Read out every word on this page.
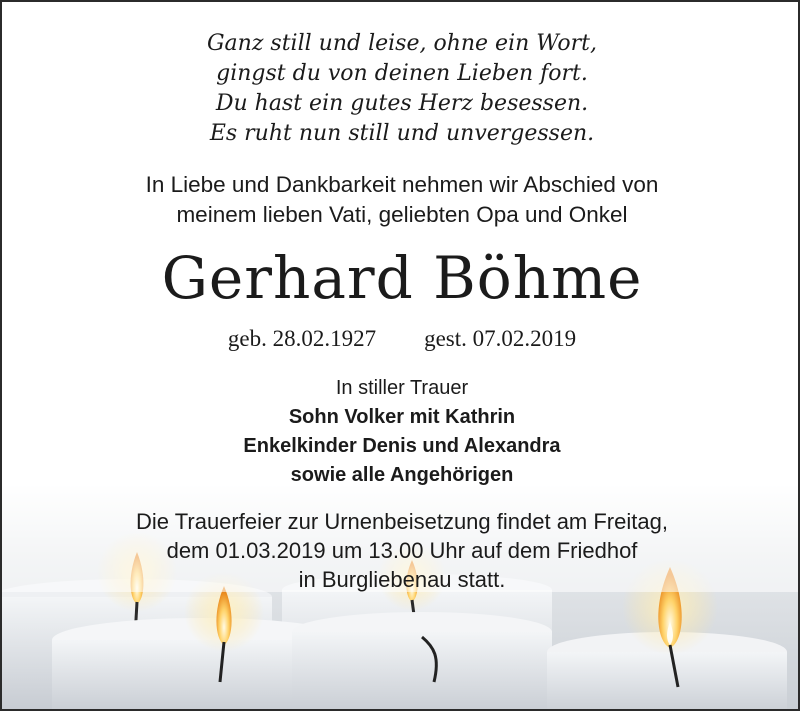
Ganz still und leise, ohne ein Wort,

gingst du von deinen Lieben fort.

Du hast ein gutes Herz besessen.

Es ruht nun still und unvergessen.

In Liebe und Dankbarkeit nehmen wir Abschied von

meinem lieben Vati, geliebten Opa und Onkel

Gerhard Böhme
geb. 28.02.1927 gest. 07.02.2019

In stiller Trauer

Sohn Volker mit Kathrin

Enkelkinder Denis und Alexandra

sowie alle Angehörigen

Die Trauerfeier zur Urnenbeisetzung findet am Freitag,

dem 01.03.2019 um 13.00 Uhr auf dem Friedhof

in Burgliebenau statt.
